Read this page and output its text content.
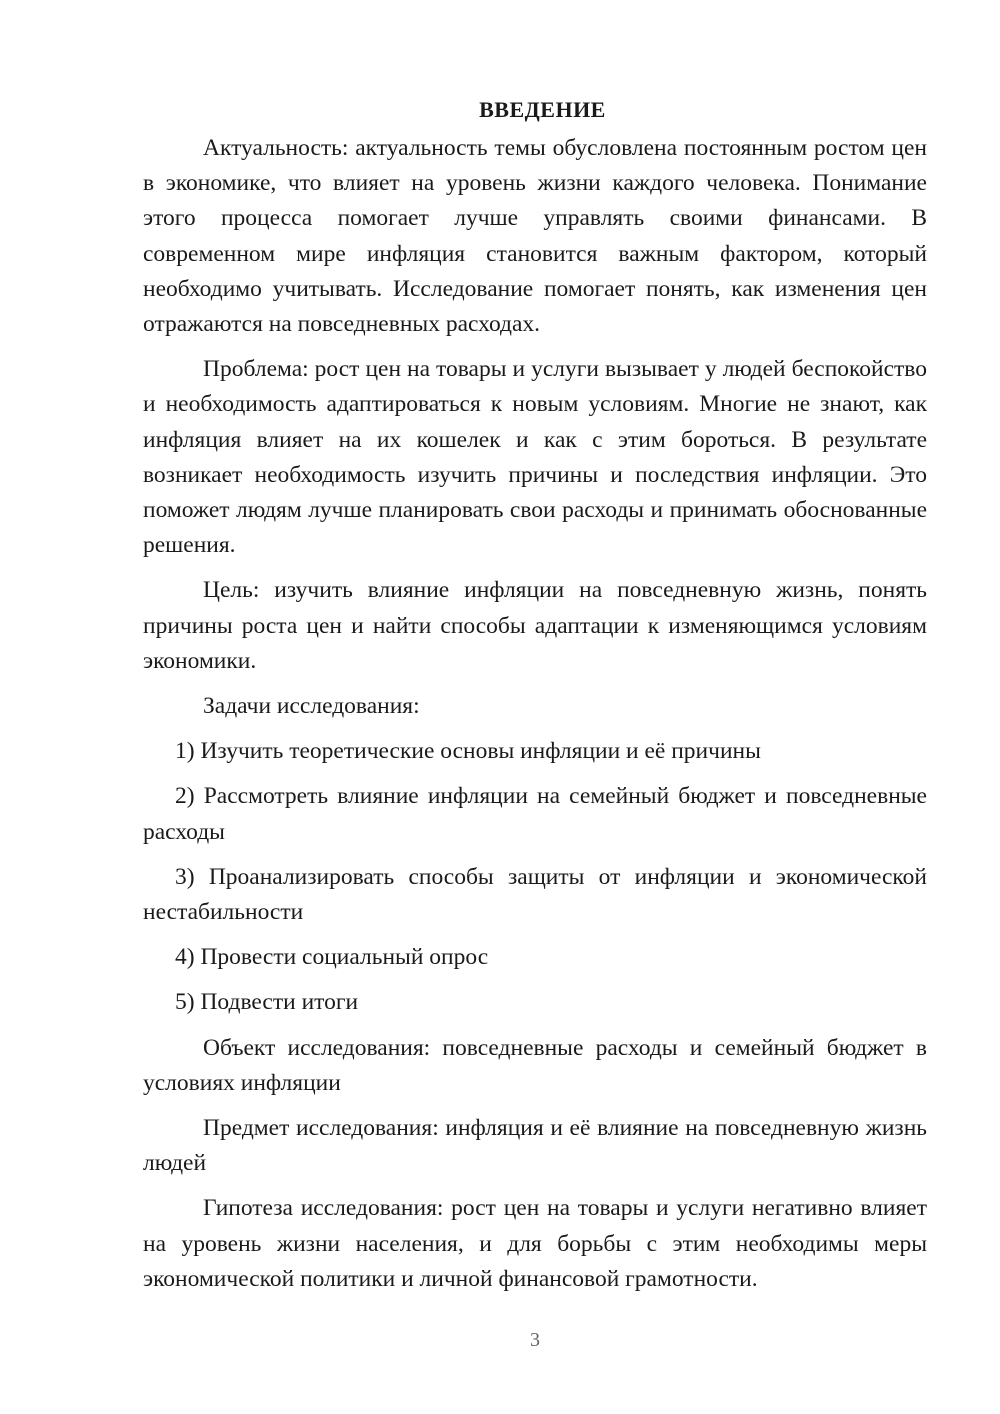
ВВЕДЕНИЕ

Актуальность: актуальность темы обусловлена постоянным ростом цен в экономике, что влияет на уровень жизни каждого человека. Понимание этого процесса помогает лучше управлять своими финансами. В современном мире инфляция становится важным фактором, который необходимо учитывать. Исследование помогает понять, как изменения цен отражаются на повседневных расходах.

Проблема: рост цен на товары и услуги вызывает у людей беспокойство и необходимость адаптироваться к новым условиям. Многие не знают, как инфляция влияет на их кошелек и как с этим бороться. В результате возникает необходимость изучить причины и последствия инфляции. Это поможет людям лучше планировать свои расходы и принимать обоснованные решения.

Цель: изучить влияние инфляции на повседневную жизнь, понять причины роста цен и найти способы адаптации к изменяющимся условиям экономики.

Задачи исследования:

1) Изучить теоретические основы инфляции и её причины

2) Рассмотреть влияние инфляции на семейный бюджет и повседневные расходы

3) Проанализировать способы защиты от инфляции и экономической нестабильности

4) Провести социальный опрос

5) Подвести итоги

Объект исследования: повседневные расходы и семейный бюджет в условиях инфляции

Предмет исследования: инфляция и её влияние на повседневную жизнь людей

Гипотеза исследования: рост цен на товары и услуги негативно влияет на уровень жизни населения, и для борьбы с этим необходимы меры экономической политики и личной финансовой грамотности.

3
